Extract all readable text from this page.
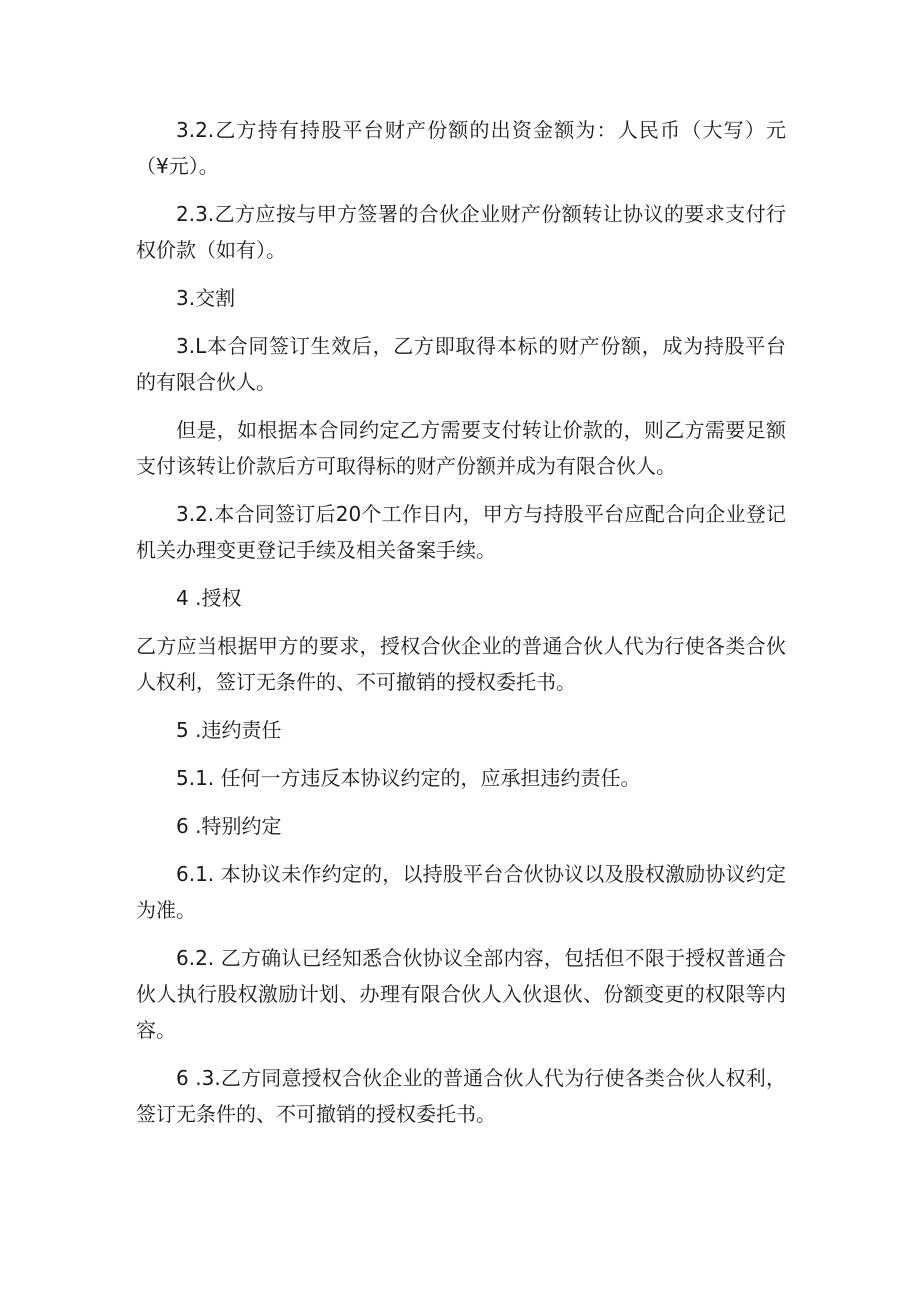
3.2.乙方持有持股平台财产份额的出资金额为：人民币（大写）元（¥元）。

2.3.乙方应按与甲方签署的合伙企业财产份额转让协议的要求支付行权价款（如有）。

3.交割

3.L本合同签订生效后，乙方即取得本标的财产份额，成为持股平台的有限合伙人。

但是，如根据本合同约定乙方需要支付转让价款的，则乙方需要足额支付该转让价款后方可取得标的财产份额并成为有限合伙人。

3.2.本合同签订后20个工作日内，甲方与持股平台应配合向企业登记机关办理变更登记手续及相关备案手续。

4 .授权

乙方应当根据甲方的要求，授权合伙企业的普通合伙人代为行使各类合伙人权利，签订无条件的、不可撤销的授权委托书。

5 .违约责任

5.1. 任何一方违反本协议约定的，应承担违约责任。

6 .特别约定

6.1. 本协议未作约定的，以持股平台合伙协议以及股权激励协议约定为准。

6.2. 乙方确认已经知悉合伙协议全部内容，包括但不限于授权普通合伙人执行股权激励计划、办理有限合伙人入伙退伙、份额变更的权限等内容。

6 .3.乙方同意授权合伙企业的普通合伙人代为行使各类合伙人权利，签订无条件的、不可撤销的授权委托书。
